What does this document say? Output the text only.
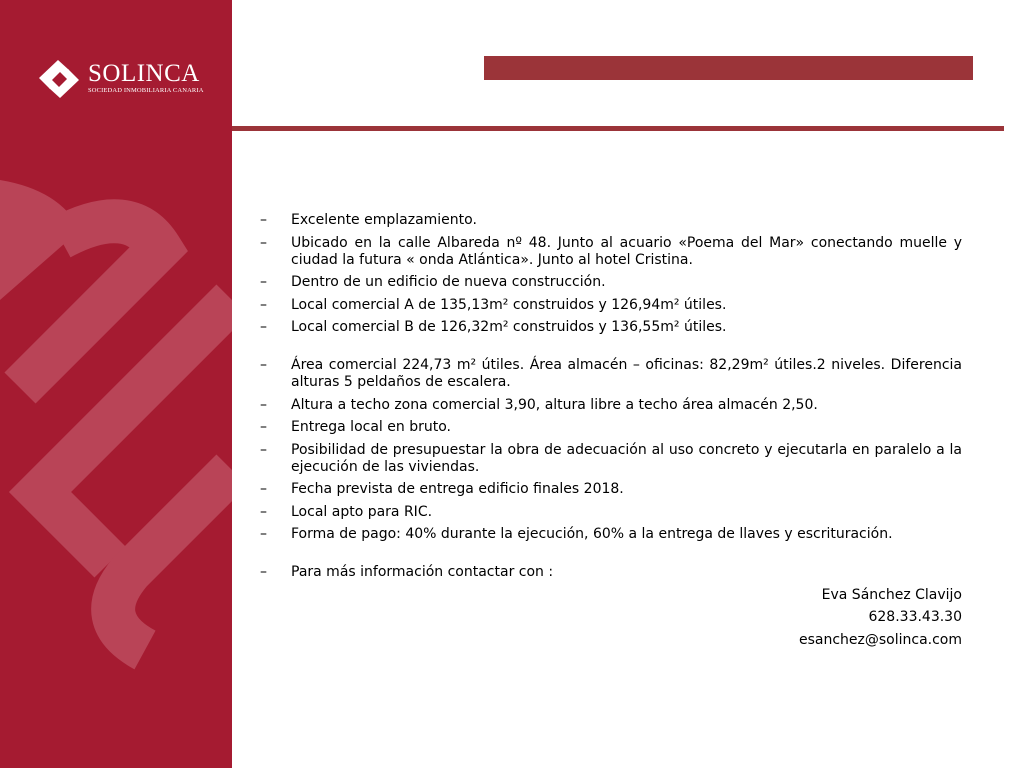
SOLINCA
SOCIEDAD INMOBILIARIA CANARIA
– Excelente emplazamiento.
– Ubicado en la calle Albareda nº 48. Junto al acuario «Poema del Mar» conectando muelle y ciudad la futura « onda Atlántica». Junto al hotel Cristina.
– Dentro de un edificio de nueva construcción.
– Local comercial A de 135,13m² construidos y 126,94m² útiles.
– Local comercial B de 126,32m² construidos y 136,55m² útiles.
– Área comercial 224,73 m² útiles. Área almacén – oficinas: 82,29m² útiles.2 niveles. Diferencia alturas 5 peldaños de escalera.
– Altura a techo zona comercial 3,90, altura libre a techo área almacén 2,50.
– Entrega local en bruto.
– Posibilidad de presupuestar la obra de adecuación al uso concreto y ejecutarla en paralelo a la ejecución de las viviendas.
– Fecha prevista de entrega edificio finales 2018.
– Local apto para RIC.
– Forma de pago: 40% durante la ejecución, 60% a la entrega de llaves y escrituración.
– Para más información contactar con :
Eva Sánchez Clavijo
628.33.43.30
esanchez@solinca.com
